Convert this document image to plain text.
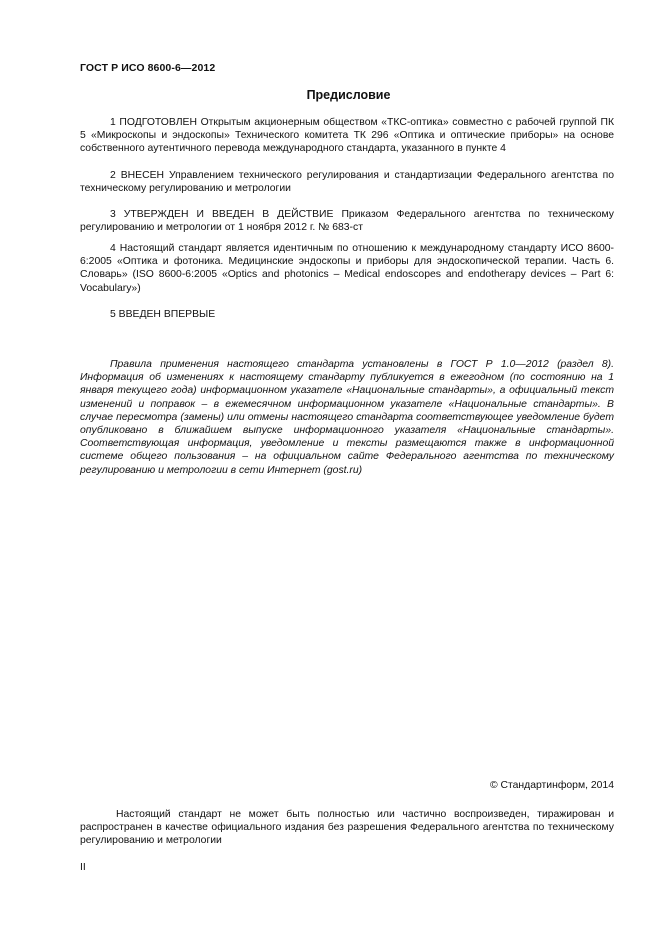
ГОСТ Р ИСО 8600-6—2012
Предисловие

1 ПОДГОТОВЛЕН Открытым акционерным обществом «ТКС-оптика» совместно с рабочей группой ПК 5 «Микроскопы и эндоскопы» Технического комитета ТК 296 «Оптика и оптические приборы» на основе собственного аутентичного перевода международного стандарта, указанного в пункте 4

2 ВНЕСЕН Управлением технического регулирования и стандартизации Федерального агентства по техническому регулированию и метрологии

3 УТВЕРЖДЕН И ВВЕДЕН В ДЕЙСТВИЕ Приказом Федерального агентства по техническому регулированию и метрологии от 1 ноября 2012 г. № 683-ст

4 Настоящий стандарт является идентичным по отношению к международному стандарту ИСО 8600-6:2005 «Оптика и фотоника. Медицинские эндоскопы и приборы для эндоскопической терапии. Часть 6. Словарь» (ISO 8600-6:2005 «Optics and photonics – Medical endoscopes and endotherapy devices – Part 6: Vocabulary»)

5 ВВЕДЕН ВПЕРВЫЕ

Правила применения настоящего стандарта установлены в ГОСТ Р 1.0—2012 (раздел 8). Информация об изменениях к настоящему стандарту публикуется в ежегодном (по состоянию на 1 января текущего года) информационном указателе «Национальные стандарты», а официальный текст изменений и поправок – в ежемесячном информационном указателе «Национальные стандарты». В случае пересмотра (замены) или отмены настоящего стандарта соответствующее уведомление будет опубликовано в ближайшем выпуске информационного указателя «Национальные стандарты». Соответствующая информация, уведомление и тексты размещаются также в информационной системе общего пользования – на официальном сайте Федерального агентства по техническому регулированию и метрологии в сети Интернет (gost.ru)

© Стандартинформ, 2014

Настоящий стандарт не может быть полностью или частично воспроизведен, тиражирован и распространен в качестве официального издания без разрешения Федерального агентства по техническому регулированию и метрологии

II
